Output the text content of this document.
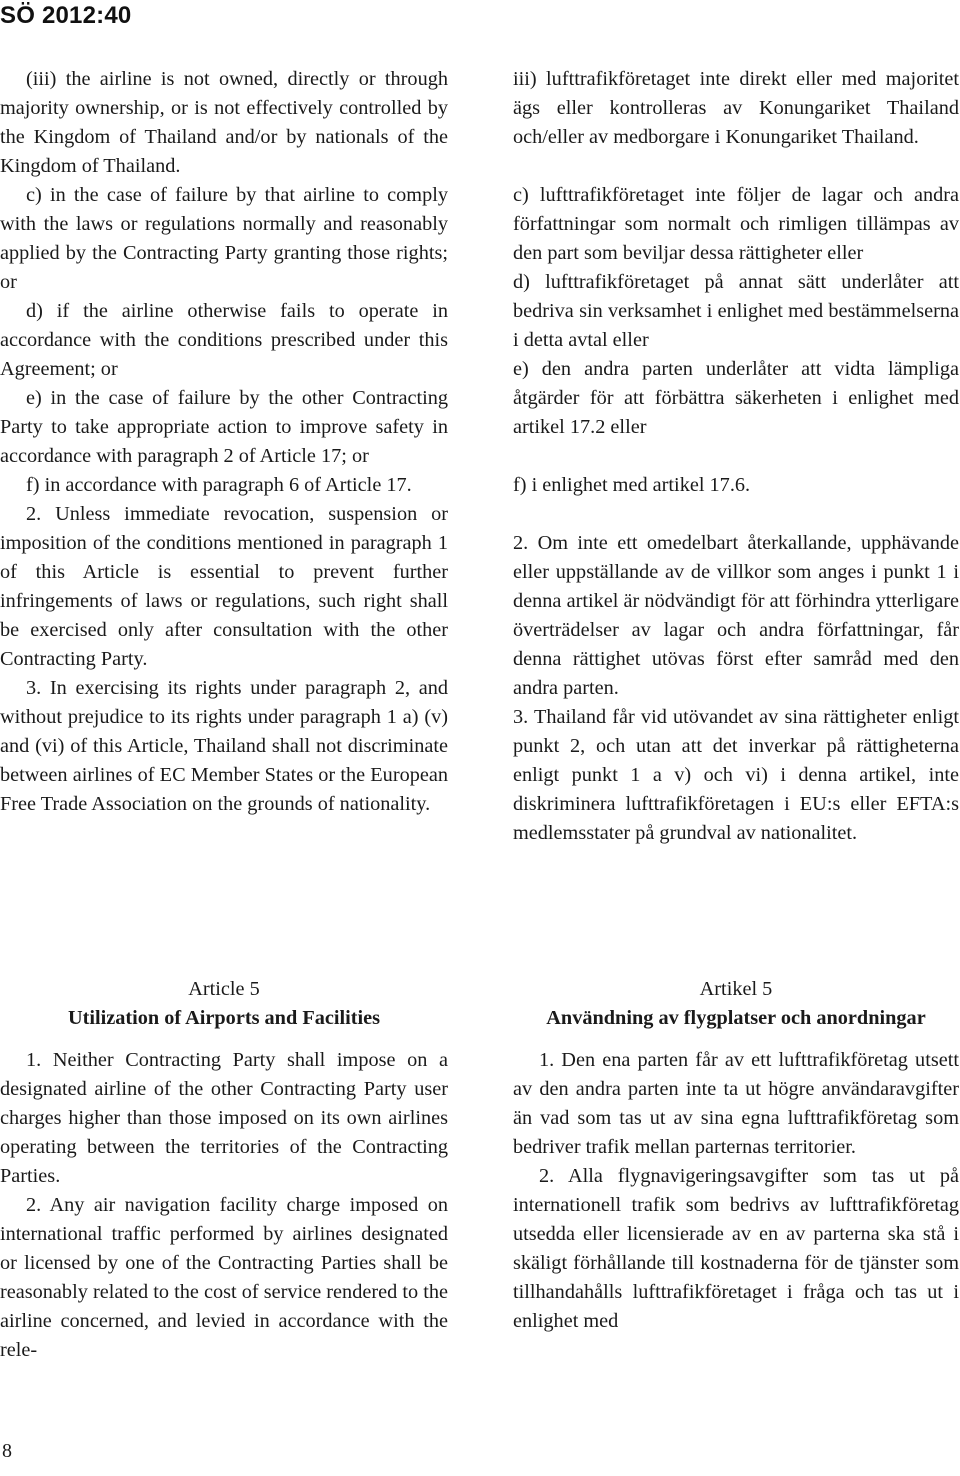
SÖ 2012:40

(iii) the airline is not owned, directly or through majority ownership, or is not effectively controlled by the Kingdom of Thailand and/or by nationals of the Kingdom of Thailand.

c) in the case of failure by that airline to comply with the laws or regulations normally and reasonably applied by the Contracting Party granting those rights; or

d) if the airline otherwise fails to operate in accordance with the conditions prescribed under this Agreement; or

e) in the case of failure by the other Contracting Party to take appropriate action to improve safety in accordance with paragraph 2 of Article 17; or

f) in accordance with paragraph 6 of Article 17.

2. Unless immediate revocation, suspension or imposition of the conditions mentioned in paragraph 1 of this Article is essential to prevent further infringements of laws or regulations, such right shall be exercised only after consultation with the other Contracting Party.

3. In exercising its rights under paragraph 2, and without prejudice to its rights under paragraph 1 a) (v) and (vi) of this Article, Thailand shall not discriminate between airlines of EC Member States or the European Free Trade Association on the grounds of nationality.

iii) lufttrafikföretaget inte direkt eller med majoritet ägs eller kontrolleras av Konungariket Thailand och/eller av medborgare i Konungariket Thailand.

c) lufttrafikföretaget inte följer de lagar och andra författningar som normalt och rimligen tillämpas av den part som beviljar dessa rättigheter eller

d) lufttrafikföretaget på annat sätt underlåter att bedriva sin verksamhet i enlighet med bestämmelserna i detta avtal eller

e) den andra parten underlåter att vidta lämpliga åtgärder för att förbättra säkerheten i enlighet med artikel 17.2 eller

f) i enlighet med artikel 17.6.

2. Om inte ett omedelbart återkallande, upphävande eller uppställande av de villkor som anges i punkt 1 i denna artikel är nödvändigt för att förhindra ytterligare överträdelser av lagar och andra författningar, får denna rättighet utövas först efter samråd med den andra parten.

3. Thailand får vid utövandet av sina rättigheter enligt punkt 2, och utan att det inverkar på rättigheterna enligt punkt 1 a v) och vi) i denna artikel, inte diskriminera lufttrafikföretagen i EU:s eller EFTA:s medlemsstater på grundval av nationalitet.

Article 5
Utilization of Airports and Facilities
Artikel 5
Användning av flygplatser och anordningar

1. Neither Contracting Party shall impose on a designated airline of the other Contracting Party user charges higher than those imposed on its own airlines operating between the territories of the Contracting Parties.

2. Any air navigation facility charge imposed on international traffic performed by airlines designated or licensed by one of the Contracting Parties shall be reasonably related to the cost of service rendered to the airline concerned, and levied in accordance with the rele-

1. Den ena parten får av ett lufttrafikföretag utsett av den andra parten inte ta ut högre användaravgifter än vad som tas ut av sina egna lufttrafikföretag som bedriver trafik mellan parternas territorier.

2. Alla flygnavigeringsavgifter som tas ut på internationell trafik som bedrivs av lufttrafikföretag utsedda eller licensierade av en av parterna ska stå i skäligt förhållande till kostnaderna för de tjänster som tillhandahålls lufttrafikföretaget i fråga och tas ut i enlighet med

8
